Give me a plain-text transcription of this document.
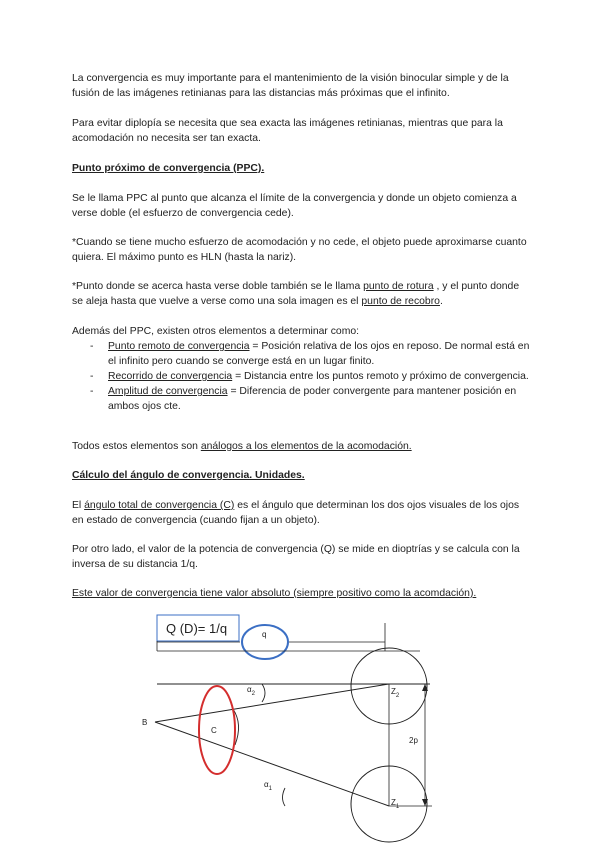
La convergencia es muy importante para el mantenimiento de la visión binocular simple y de la fusión de las imágenes retinianas para las distancias más próximas que el infinito.

Para evitar diplopía se necesita que sea exacta las imágenes retinianas, mientras que para la acomodación no necesita ser tan exacta.

Punto próximo de convergencia (PPC).

Se le llama PPC al punto que alcanza el límite de la convergencia y donde un objeto comienza a verse doble (el esfuerzo de convergencia cede).

*Cuando se tiene mucho esfuerzo de acomodación y no cede, el objeto puede aproximarse cuanto quiera. El máximo punto es HLN (hasta la nariz).

*Punto donde se acerca hasta verse doble también se le llama punto de rotura , y el punto donde se aleja hasta que vuelve a verse como una sola imagen es el punto de recobro.

Además del PPC, existen otros elementos a determinar como:

- Punto remoto de convergencia = Posición relativa de los ojos en reposo. De normal está en el infinito pero cuando se converge está en un lugar finito.
- Recorrido de convergencia = Distancia entre los puntos remoto y próximo de convergencia.
- Amplitud de convergencia = Diferencia de poder convergente para mantener posición en ambos ojos cte.

Todos estos elementos son análogos a los elementos de la acomodación.

Cálculo del ángulo de convergencia. Unidades.

El ángulo total de convergencia (C) es el ángulo que determinan los dos ojos visuales de los ojos en estado de convergencia (cuando fijan a un objeto).

Por otro lado, el valor de la potencia de convergencia (Q) se mide en dioptrías y se calcula con la inversa de su distancia 1/q.

Este valor de convergencia tiene valor absoluto (siempre positivo como la acomdación).

Q (D)= 1/q	q
2p
$\alpha_2$
$\alpha_1$
C
B
$Z_2$
$Z_1$
